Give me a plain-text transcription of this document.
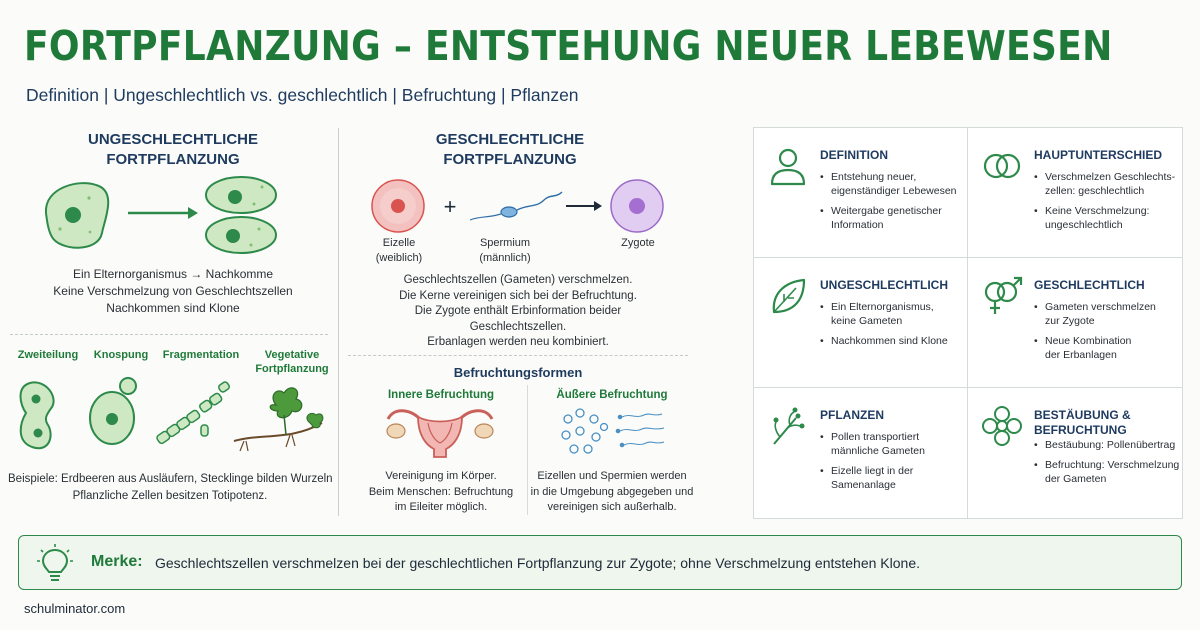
FORTPFLANZUNG – ENTSTEHUNG NEUER LEBEWESEN
Definition | Ungeschlechtlich vs. geschlechtlich | Befruchtung | Pflanzen
UNGESCHLECHTLICHE
FORTPFLANZUNG
Ein Elternorganismus → Nachkomme
Keine Verschmelzung von Geschlechtszellen
Nachkommen sind Klone
Zweiteilung	Knospung	Fragmentation	Vegetative
Fortpflanzung
Beispiele: Erdbeeren aus Ausläufern, Stecklinge bilden Wurzeln
Pflanzliche Zellen besitzen Totipotenz.
GESCHLECHTLICHE
FORTPFLANZUNG
+
Eizelle
(weiblich)
Spermium
(männlich)
Zygote
Geschlechtszellen (Gameten) verschmelzen.
Die Kerne vereinigen sich bei der Befruchtung.
Die Zygote enthält Erbinformation beider
Geschlechtszellen.
Erbanlagen werden neu kombiniert.
Befruchtungsformen
Innere Befruchtung	Äußere Befruchtung
Vereinigung im Körper.
Beim Menschen: Befruchtung
im Eileiter möglich.
Eizellen und Spermien werden
in die Umgebung abgegeben und
vereinigen sich außerhalb.
DEFINITION
• Entstehung neuer,
eigenständiger Lebewesen
• Weitergabe genetischer
Information
HAUPTUNTERSCHIED
• Verschmelzen Geschlechts-
zellen: geschlechtlich
• Keine Verschmelzung:
ungeschlechtlich
UNGESCHLECHTLICH
• Ein Elternorganismus,
keine Gameten
• Nachkommen sind Klone
GESCHLECHTLICH
• Gameten verschmelzen
zur Zygote
• Neue Kombination
der Erbanlagen
PFLANZEN
• Pollen transportiert
männliche Gameten
• Eizelle liegt in der
Samenanlage
BESTÄUBUNG &
BEFRUCHTUNG
• Bestäubung: Pollenübertrag
• Befruchtung: Verschmelzung
der Gameten
Merke: Geschlechtszellen verschmelzen bei der geschlechtlichen Fortpflanzung zur Zygote; ohne Verschmelzung entstehen Klone.
schulminator.com
